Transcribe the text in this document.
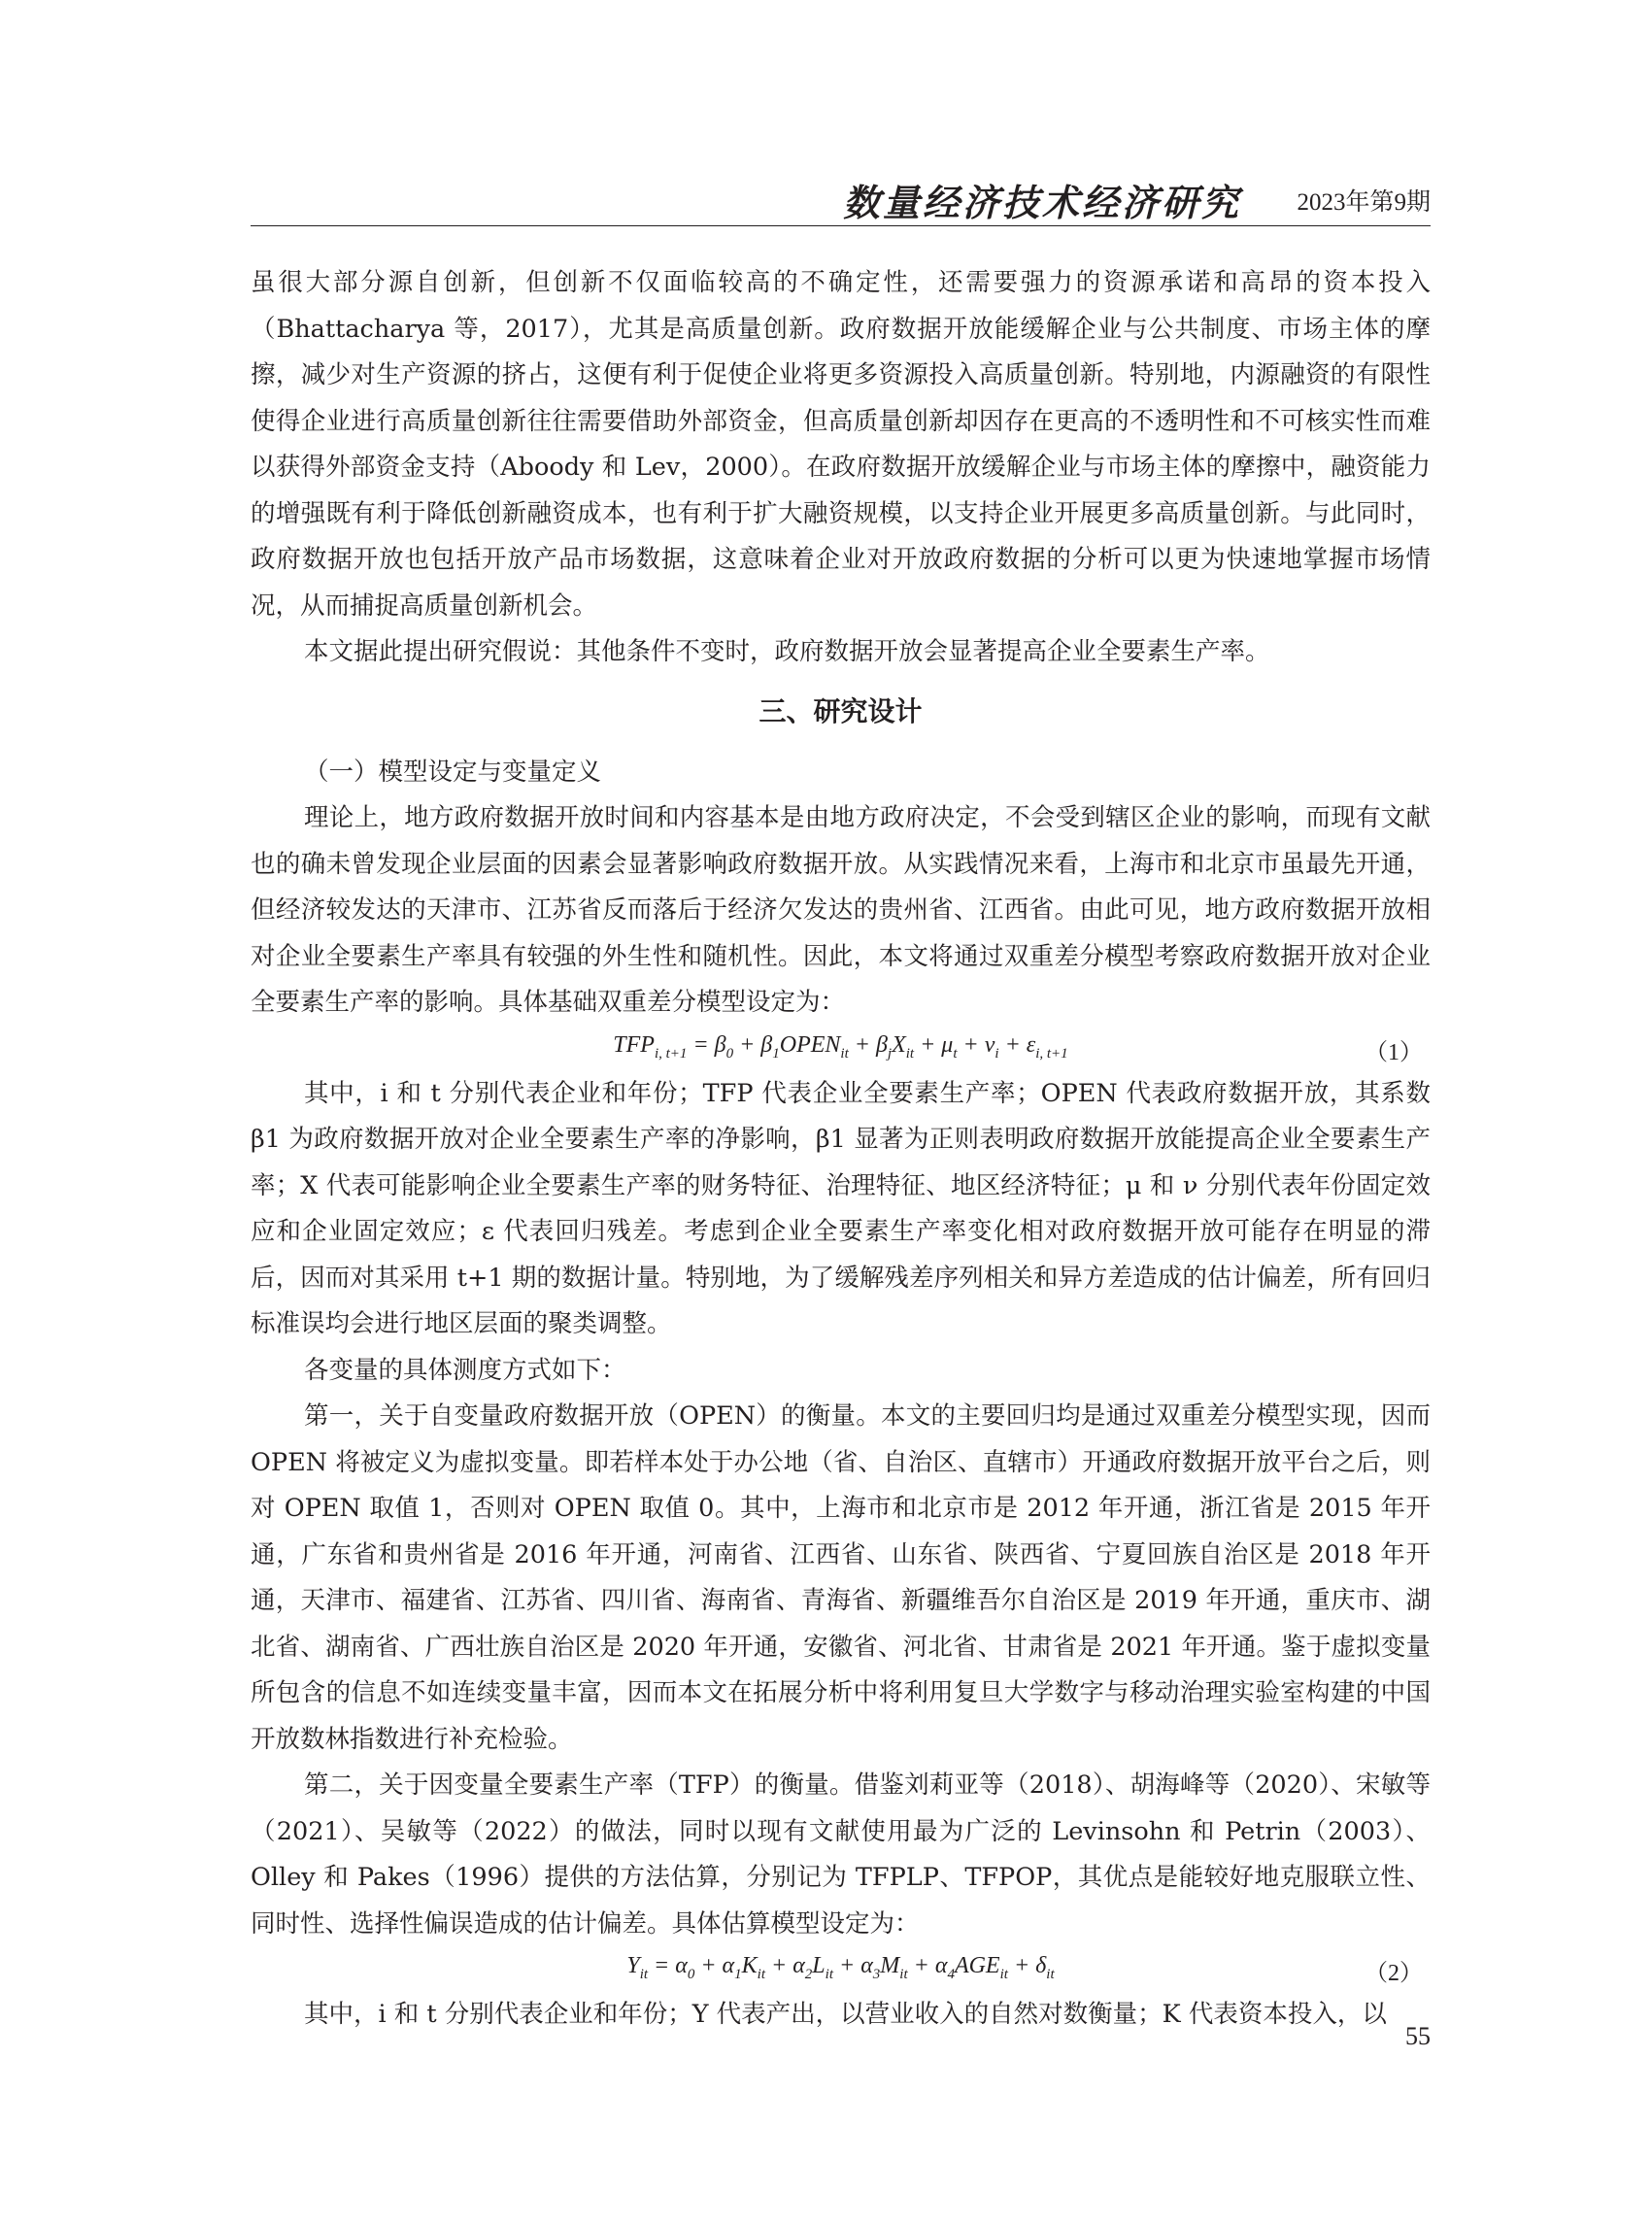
数量经济技术经济研究 2023年第9期

虽很大部分源自创新，但创新不仅面临较高的不确定性，还需要强力的资源承诺和高昂的资本投入（Bhattacharya 等，2017），尤其是高质量创新。政府数据开放能缓解企业与公共制度、市场主体的摩擦，减少对生产资源的挤占，这便有利于促使企业将更多资源投入高质量创新。特别地，内源融资的有限性使得企业进行高质量创新往往需要借助外部资金，但高质量创新却因存在更高的不透明性和不可核实性而难以获得外部资金支持（Aboody 和 Lev，2000）。在政府数据开放缓解企业与市场主体的摩擦中，融资能力的增强既有利于降低创新融资成本，也有利于扩大融资规模，以支持企业开展更多高质量创新。与此同时，政府数据开放也包括开放产品市场数据，这意味着企业对开放政府数据的分析可以更为快速地掌握市场情况，从而捕捉高质量创新机会。

本文据此提出研究假说：其他条件不变时，政府数据开放会显著提高企业全要素生产率。

三、研究设计

（一）模型设定与变量定义

理论上，地方政府数据开放时间和内容基本是由地方政府决定，不会受到辖区企业的影响，而现有文献也的确未曾发现企业层面的因素会显著影响政府数据开放。从实践情况来看，上海市和北京市虽最先开通，但经济较发达的天津市、江苏省反而落后于经济欠发达的贵州省、江西省。由此可见，地方政府数据开放相对企业全要素生产率具有较强的外生性和随机性。因此，本文将通过双重差分模型考察政府数据开放对企业全要素生产率的影响。具体基础双重差分模型设定为：

$TFP_{i, t+1} = \beta_0$ + $\beta_1OPEN_{it} + \beta_jX_{it} + \mu_t + \nu_i + \varepsilon_{i, t+1}$	（1）

其中，i 和 t 分别代表企业和年份；TFP 代表企业全要素生产率；OPEN 代表政府数据开放，其系数β1 为政府数据开放对企业全要素生产率的净影响，β1 显著为正则表明政府数据开放能提高企业全要素生产率；X 代表可能影响企业全要素生产率的财务特征、治理特征、地区经济特征；μ 和 ν 分别代表年份固定效应和企业固定效应；ε 代表回归残差。考虑到企业全要素生产率变化相对政府数据开放可能存在明显的滞后，因而对其采用 t+1 期的数据计量。特别地，为了缓解残差序列相关和异方差造成的估计偏差，所有回归标准误均会进行地区层面的聚类调整。

各变量的具体测度方式如下：

第一，关于自变量政府数据开放（OPEN）的衡量。本文的主要回归均是通过双重差分模型实现，因而 OPEN 将被定义为虚拟变量。即若样本处于办公地（省、自治区、直辖市）开通政府数据开放平台之后，则对 OPEN 取值 1，否则对 OPEN 取值 0。其中，上海市和北京市是 2012 年开通，浙江省是 2015 年开通，广东省和贵州省是 2016 年开通，河南省、江西省、山东省、陕西省、宁夏回族自治区是 2018 年开通，天津市、福建省、江苏省、四川省、海南省、青海省、新疆维吾尔自治区是 2019 年开通，重庆市、湖北省、湖南省、广西壮族自治区是 2020 年开通，安徽省、河北省、甘肃省是 2021 年开通。鉴于虚拟变量所包含的信息不如连续变量丰富，因而本文在拓展分析中将利用复旦大学数字与移动治理实验室构建的中国开放数林指数进行补充检验。

第二，关于因变量全要素生产率（TFP）的衡量。借鉴刘莉亚等（2018）、胡海峰等（2020）、宋敏等（2021）、吴敏等（2022）的做法，同时以现有文献使用最为广泛的 Levinsohn 和 Petrin（2003）、Olley 和 Pakes（1996）提供的方法估算，分别记为 TFPLP、TFPOP，其优点是能较好地克服联立性、同时性、选择性偏误造成的估计偏差。具体估算模型设定为：

$Y_{it} = \alpha_0 + \alpha_1K_{it} + \alpha_2L_{it} + \alpha_3M_{it} + \alpha_4AGE_{it} + \delta_{it}$	（2）

其中，i 和 t 分别代表企业和年份；Y 代表产出，以营业收入的自然对数衡量；K 代表资本投入，以

55
